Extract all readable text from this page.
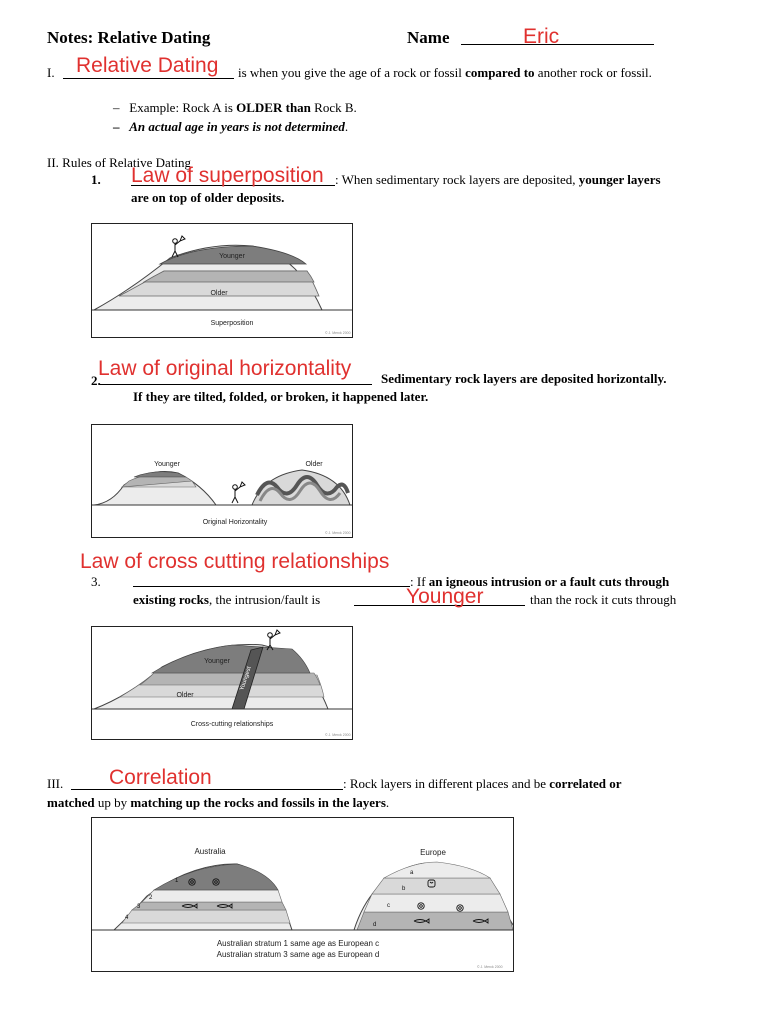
Notes: Relative Dating	Name	Eric
I. Relative Dating is when you give the age of a rock or fossil compared to another rock or fossil.
– Example: Rock A is OLDER than Rock B.
– An actual age in years is not determined.
II. Rules of Relative Dating
1. Law of superposition : When sedimentary rock layers are deposited, younger layers
are on top of older deposits.
Younger
Older
Superposition
© J. Merck 2000
Law of original horizontality
2.	Sedimentary rock layers are deposited horizontally.
If they are tilted, folded, or broken, it happened later.
Younger	Older
Original Horizontality
© J. Merck 2000
Law of cross cutting relationships
3.	: If an igneous intrusion or a fault cuts through
existing rocks, the intrusion/fault is	Younger	than the rock it cuts through
Younger
Older
Youngest
Cross-cutting relationships
© J. Merck 2000
III. Correlation	: Rock layers in different places and be correlated or
matched up by matching up the rocks and fossils in the layers.
Australia	Europe
1
2
3
4
a
b
c
d
Australian stratum 1 same age as European c
Australian stratum 3 same age as European d
© J. Merck 2000
